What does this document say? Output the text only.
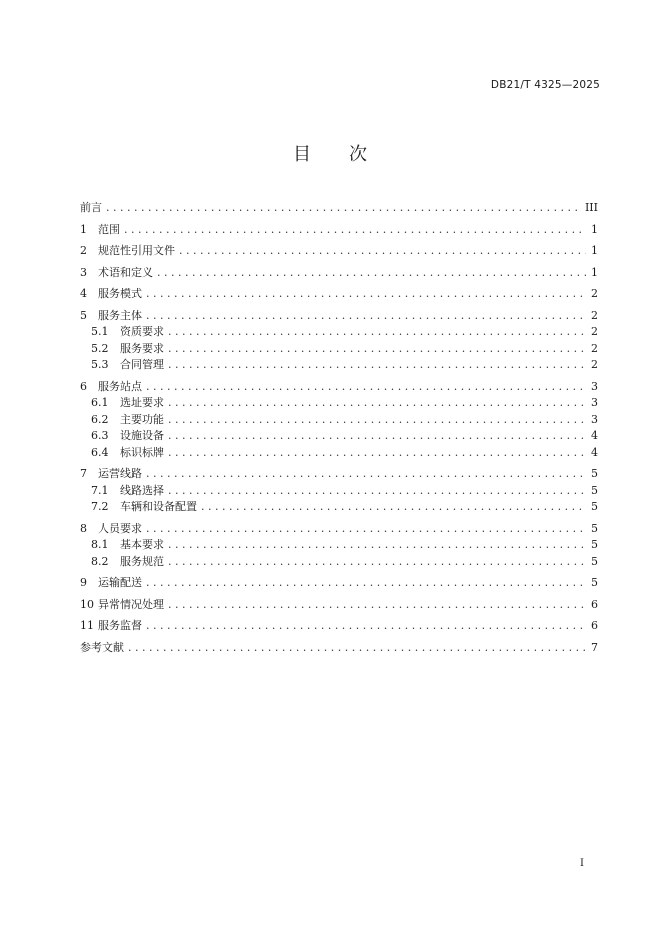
DB21/T 4325—2025
目 次
前言 . . .	III
1	范围 . . .	1
2	规范性引用文件 . . .	1
3	术语和定义 . . .	1
4	服务模式 . . .	2
5	服务主体 . . .	2
5.1	资质要求 . . .	2
5.2	服务要求 . . .	2
5.3	合同管理 . . .	2
6	服务站点 . . .	3
6.1	选址要求 . . .	3
6.2	主要功能 . . .	3
6.3	设施设备 . . .	4
6.4	标识标牌 . . .	4
7	运营线路 . . .	5
7.1	线路选择 . . .	5
7.2	车辆和设备配置 . . .	5
8	人员要求 . . .	5
8.1	基本要求 . . .	5
8.2	服务规范 . . .	5
9	运输配送 . . .	5
10 异常情况处理 . . .	6
11 服务监督 . . .	6
参考文献 . . .	7
I
